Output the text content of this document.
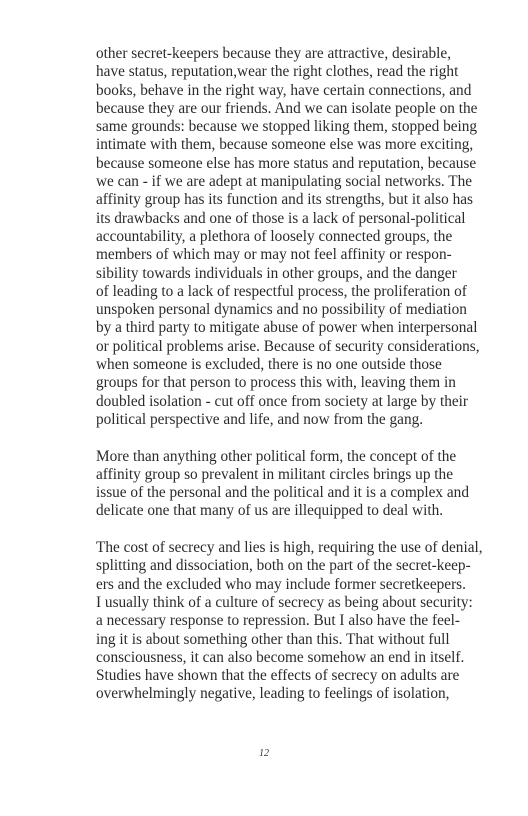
other secret-keepers because they are attractive, desirable,
have status, reputation,wear the right clothes, read the right
books, behave in the right way, have certain connections, and
because they are our friends. And we can isolate people on the
same grounds: because we stopped liking them, stopped being
intimate with them, because someone else was more exciting,
because someone else has more status and reputation, because
we can - if we are adept at manipulating social networks. The
affinity group has its function and its strengths, but it also has
its drawbacks and one of those is a lack of personal-political
accountability, a plethora of loosely connected groups, the
members of which may or may not feel affinity or respon-
sibility towards individuals in other groups, and the danger
of leading to a lack of respectful process, the proliferation of
unspoken personal dynamics and no possibility of mediation
by a third party to mitigate abuse of power when interpersonal
or political problems arise. Because of security considerations,
when someone is excluded, there is no one outside those
groups for that person to process this with, leaving them in
doubled isolation - cut off once from society at large by their
political perspective and life, and now from the gang.

More than anything other political form, the concept of the
affinity group so prevalent in militant circles brings up the
issue of the personal and the political and it is a complex and
delicate one that many of us are illequipped to deal with.

The cost of secrecy and lies is high, requiring the use of denial,
splitting and dissociation, both on the part of the secret-keep-
ers and the excluded who may include former secretkeepers.
I usually think of a culture of secrecy as being about security:
a necessary response to repression. But I also have the feel-
ing it is about something other than this. That without full
consciousness, it can also become somehow an end in itself.
Studies have shown that the effects of secrecy on adults are
overwhelmingly negative, leading to feelings of isolation,

12
